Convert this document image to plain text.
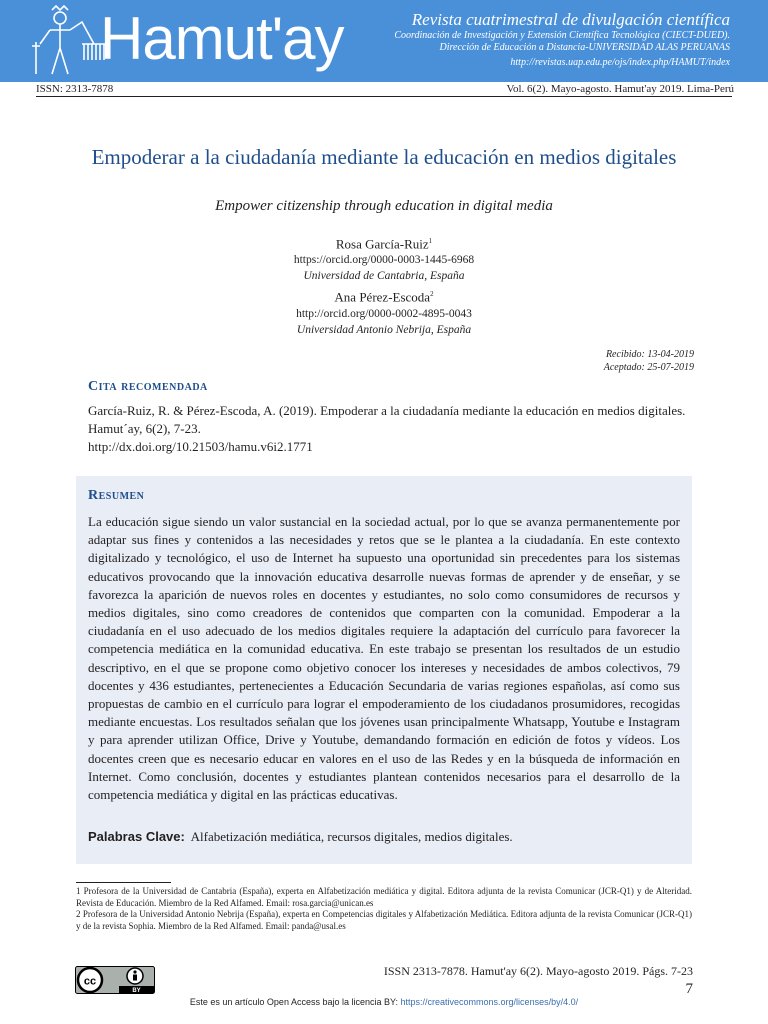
Hamut'ay	Revista cuatrimestral de divulgación científica
Coordinación de Investigación y Extensión Científica Tecnológica (CIECT-DUED).
Dirección de Educación a Distancia-UNIVERSIDAD ALAS PERUANAS
http://revistas.uap.edu.pe/ojs/index.php/HAMUT/index
ISSN: 2313-7878	Vol. 6(2). Mayo-agosto. Hamut'ay 2019. Lima-Perú
Empoderar a la ciudadanía mediante la educación en medios digitales
Empower citizenship through education in digital media
Rosa García-Ruiz$^1$
https://orcid.org/0000-0003-1445-6968
Universidad de Cantabria, España
Ana Pérez-Escoda$^2$
http://orcid.org/0000-0002-4895-0043
Universidad Antonio Nebrija, España
Recibido: 13-04-2019
Aceptado: 25-07-2019
Cita recomendada
García-Ruiz, R. & Pérez-Escoda, A. (2019). Empoderar a la ciudadanía mediante la educación en medios digitales. Hamut´ay, 6(2), 7-23.
http://dx.doi.org/10.21503/hamu.v6i2.1771
Resumen
La educación sigue siendo un valor sustancial en la sociedad actual, por lo que se avanza permanentemente por adaptar sus fines y contenidos a las necesidades y retos que se le plantea a la ciudadanía. En este contexto digitalizado y tecnológico, el uso de Internet ha supuesto una oportunidad sin precedentes para los sistemas educativos provocando que la innovación educativa desarrolle nuevas formas de aprender y de enseñar, y se favorezca la aparición de nuevos roles en docentes y estudiantes, no solo como consumidores de recursos y medios digitales, sino como creadores de contenidos que comparten con la comunidad. Empoderar a la ciudadanía en el uso adecuado de los medios digitales requiere la adaptación del currículo para favorecer la competencia mediática en la comunidad educativa. En este trabajo se presentan los resultados de un estudio descriptivo, en el que se propone como objetivo conocer los intereses y necesidades de ambos colectivos, 79 docentes y 436 estudiantes, pertenecientes a Educación Secundaria de varias regiones españolas, así como sus propuestas de cambio en el currículo para lograr el empoderamiento de los ciudadanos prosumidores, recogidas mediante encuestas. Los resultados señalan que los jóvenes usan principalmente Whatsapp, Youtube e Instagram y para aprender utilizan Office, Drive y Youtube, demandando formación en edición de fotos y vídeos. Los docentes creen que es necesario educar en valores en el uso de las Redes y en la búsqueda de información en Internet. Como conclusión, docentes y estudiantes plantean contenidos necesarios para el desarrollo de la competencia mediática y digital en las prácticas educativas.
Palabras Clave: Alfabetización mediática, recursos digitales, medios digitales.
1 Profesora de la Universidad de Cantabria (España), experta en Alfabetización mediática y digital. Editora adjunta de la revista Comunicar (JCR-Q1) y de Alteridad. Revista de Educación. Miembro de la Red Alfamed. Email: rosa.garcia@unican.es
2 Profesora de la Universidad Antonio Nebrija (España), experta en Competencias digitales y Alfabetización Mediática. Editora adjunta de la revista Comunicar (JCR-Q1) y de la revista Sophia. Miembro de la Red Alfamed. Email: panda@usal.es
cc
BY
ISSN 2313-7878. Hamut'ay 6(2). Mayo-agosto 2019. Págs. 7-23
7
Este es un artículo Open Access bajo la licencia BY: https://creativecommons.org/licenses/by/4.0/
